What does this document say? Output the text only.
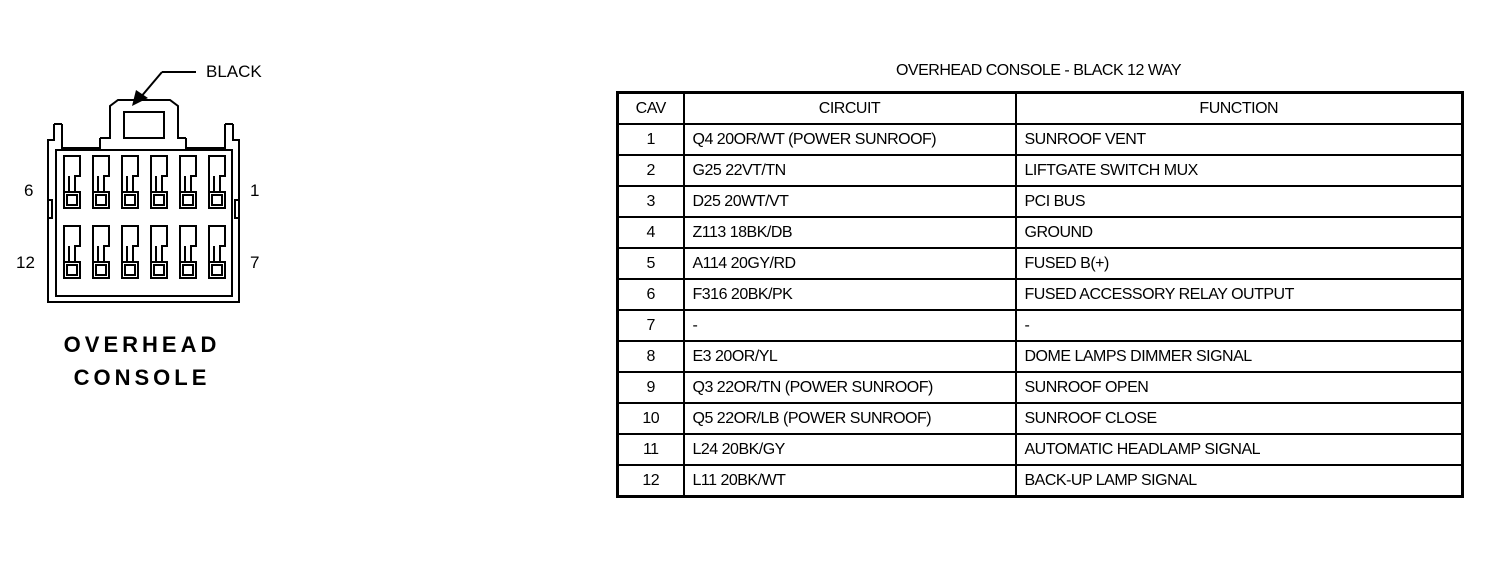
BLACK
6
12
1
7
OVERHEAD
CONSOLE
OVERHEAD CONSOLE - BLACK 12 WAY
CAV	CIRCUIT	FUNCTION
1	Q4 20OR/WT (POWER SUNROOF)	SUNROOF VENT
2	G25 22VT/TN	LIFTGATE SWITCH MUX
3	D25 20WT/VT	PCI BUS
4	Z113 18BK/DB	GROUND
5	A114 20GY/RD	FUSED B(+)
6	F316 20BK/PK	FUSED ACCESSORY RELAY OUTPUT
7	-	-
8	E3 20OR/YL	DOME LAMPS DIMMER SIGNAL
9	Q3 22OR/TN (POWER SUNROOF)	SUNROOF OPEN
10	Q5 22OR/LB (POWER SUNROOF)	SUNROOF CLOSE
11	L24 20BK/GY	AUTOMATIC HEADLAMP SIGNAL
12	L11 20BK/WT	BACK-UP LAMP SIGNAL
